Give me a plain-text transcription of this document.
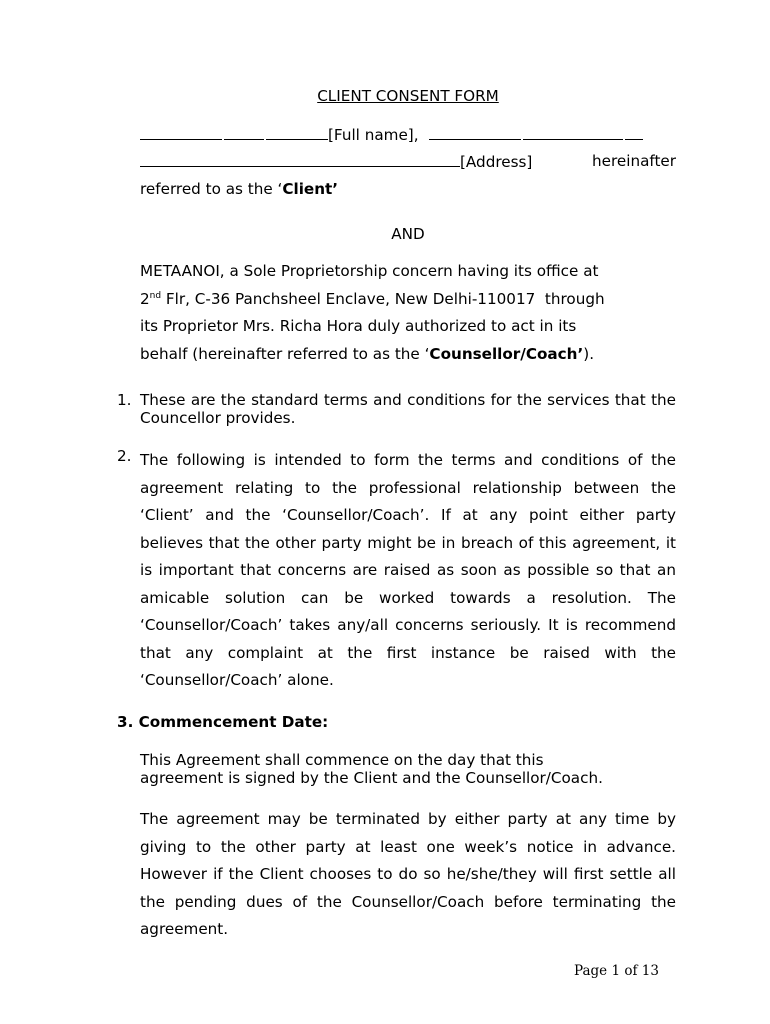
CLIENT CONSENT FORM
[Full name],
[Address]	hereinafter
referred to as the ‘Client’
AND
METAANOI, a Sole Proprietorship concern having its office at
2nd Flr, C-36 Panchsheel Enclave, New Delhi-110017  through
its Proprietor Mrs. Richa Hora duly authorized to act in its
behalf (hereinafter referred to as the ‘Counsellor/Coach’).
1. These are the standard terms and conditions for the services that the Councellor provides.
2. The following is intended to form the terms and conditions of the agreement relating to the professional relationship between the ‘Client’ and the ‘Counsellor/Coach’. If at any point either party believes that the other party might be in breach of this agreement, it is important that concerns are raised as soon as possible so that an amicable solution can be worked towards a resolution. The ‘Counsellor/Coach’ takes any/all concerns seriously. It is recommend that any complaint at the first instance be raised with the ‘Counsellor/Coach’ alone.
3. Commencement Date:
This Agreement shall commence on the day that this agreement is signed by the Client and the Counsellor/Coach.
The agreement may be terminated by either party at any time by giving to the other party at least one week’s notice in advance. However if the Client chooses to do so he/she/they will first settle all the pending dues of the Counsellor/Coach before terminating the agreement.
Page 1 of 13
